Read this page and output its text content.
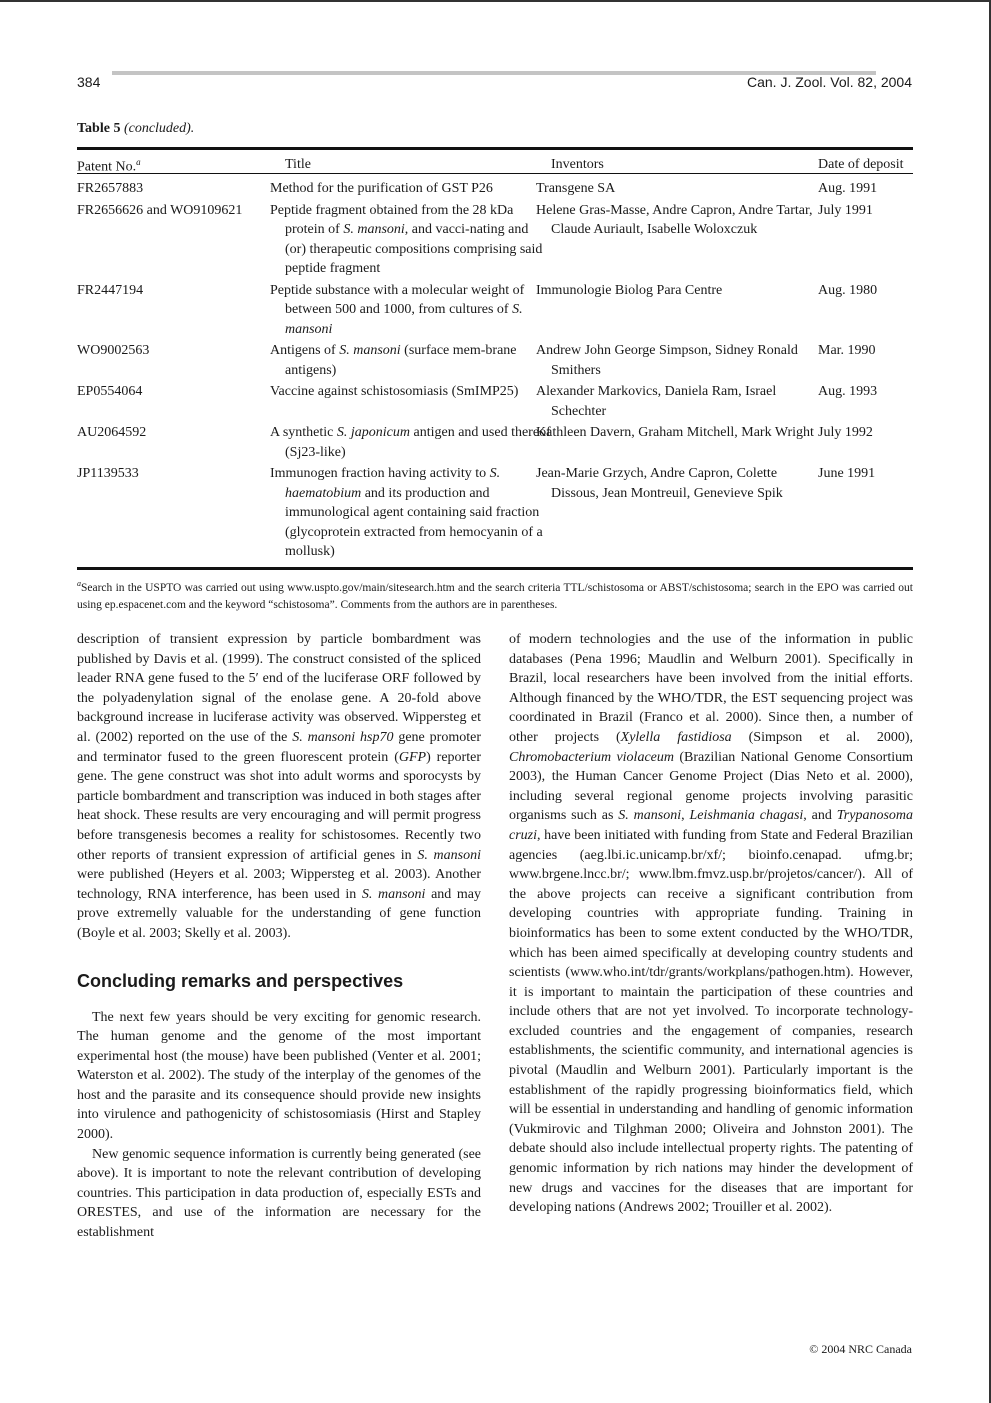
384	Can. J. Zool. Vol. 82, 2004
Table 5 (concluded).
Patent No.$^a$	Title	Inventors	Date of deposit
FR2657883	Method for the purification of GST P26	Transgene SA	Aug. 1991
FR2656626 and WO9109621	Peptide fragment obtained from the 28 kDa protein of S. mansoni, and vacci-nating and (or) therapeutic compositions comprising said peptide fragment	Helene Gras-Masse, Andre Capron, Andre Tartar, Claude Auriault, Isabelle Woloxczuk	July 1991
FR2447194	Peptide substance with a molecular weight of between 500 and 1000, from cultures of S. mansoni	Immunologie Biolog Para Centre	Aug. 1980
WO9002563	Antigens of S. mansoni (surface mem-brane antigens)	Andrew John George Simpson, Sidney Ronald Smithers	Mar. 1990
EP0554064	Vaccine against schistosomiasis (SmIMP25)	Alexander Markovics, Daniela Ram, Israel Schechter	Aug. 1993
AU2064592	A synthetic S. japonicum antigen and used thereof (Sj23-like)	Kathleen Davern, Graham Mitchell, Mark Wright	July 1992
JP1139533	Immunogen fraction having activity to S. haematobium and its production and immunological agent containing said fraction (glycoprotein extracted from hemocyanin of a mollusk)	Jean-Marie Grzych, Andre Capron, Colette Dissous, Jean Montreuil, Genevieve Spik	June 1991
$^a$Search in the USPTO was carried out using www.uspto.gov/main/sitesearch.htm and the search criteria TTL/schistosoma or ABST/schistosoma; search in the EPO was carried out using ep.espacenet.com and the keyword “schistosoma”. Comments from the authors are in parentheses.

description of transient expression by particle bombardment was published by Davis et al. (1999). The construct consisted of the spliced leader RNA gene fused to the 5′ end of the luciferase ORF followed by the polyadenylation signal of the enolase gene. A 20-fold above background increase in luciferase activity was observed. Wippersteg et al. (2002) reported on the use of the S. mansoni hsp70 gene promoter and terminator fused to the green fluorescent protein (GFP) reporter gene. The gene construct was shot into adult worms and sporocysts by particle bombardment and transcription was induced in both stages after heat shock. These results are very encouraging and will permit progress before transgenesis becomes a reality for schistosomes. Recently two other reports of transient expression of artificial genes in S. mansoni were published (Heyers et al. 2003; Wippersteg et al. 2003). Another technology, RNA interference, has been used in S. mansoni and may prove extremelly valuable for the understanding of gene function (Boyle et al. 2003; Skelly et al. 2003).

Concluding remarks and perspectives

The next few years should be very exciting for genomic research. The human genome and the genome of the most important experimental host (the mouse) have been published (Venter et al. 2001; Waterston et al. 2002). The study of the interplay of the genomes of the host and the parasite and its consequence should provide new insights into virulence and pathogenicity of schistosomiasis (Hirst and Stapley 2000).

New genomic sequence information is currently being generated (see above). It is important to note the relevant contribution of developing countries. This participation in data production of, especially ESTs and ORESTES, and use of the information are necessary for the establishment

of modern technologies and the use of the information in public databases (Pena 1996; Maudlin and Welburn 2001). Specifically in Brazil, local researchers have been involved from the initial efforts. Although financed by the WHO/TDR, the EST sequencing project was coordinated in Brazil (Franco et al. 2000). Since then, a number of other projects (Xylella fastidiosa (Simpson et al. 2000), Chromobacterium violaceum (Brazilian National Genome Consortium 2003), the Human Cancer Genome Project (Dias Neto et al. 2000), including several regional genome projects involving parasitic organisms such as S. mansoni, Leishmania chagasi, and Trypanosoma cruzi, have been initiated with funding from State and Federal Brazilian agencies (aeg.lbi.ic.unicamp.br/xf/; bioinfo.cenapad. ufmg.br; www.brgene.lncc.br/; www.lbm.fmvz.usp.br/projetos/cancer/). All of the above projects can receive a significant contribution from developing countries with appropriate funding. Training in bioinformatics has been to some extent conducted by the WHO/TDR, which has been aimed specifically at developing country students and scientists (www.who.int/tdr/grants/workplans/pathogen.htm). However, it is important to maintain the participation of these countries and include others that are not yet involved. To incorporate technology-excluded countries and the engagement of companies, research establishments, the scientific community, and international agencies is pivotal (Maudlin and Welburn 2001). Particularly important is the establishment of the rapidly progressing bioinformatics field, which will be essential in understanding and handling of genomic information (Vukmirovic and Tilghman 2000; Oliveira and Johnston 2001). The debate should also include intellectual property rights. The patenting of genomic information by rich nations may hinder the development of new drugs and vaccines for the diseases that are important for developing nations (Andrews 2002; Trouiller et al. 2002).

© 2004 NRC Canada
